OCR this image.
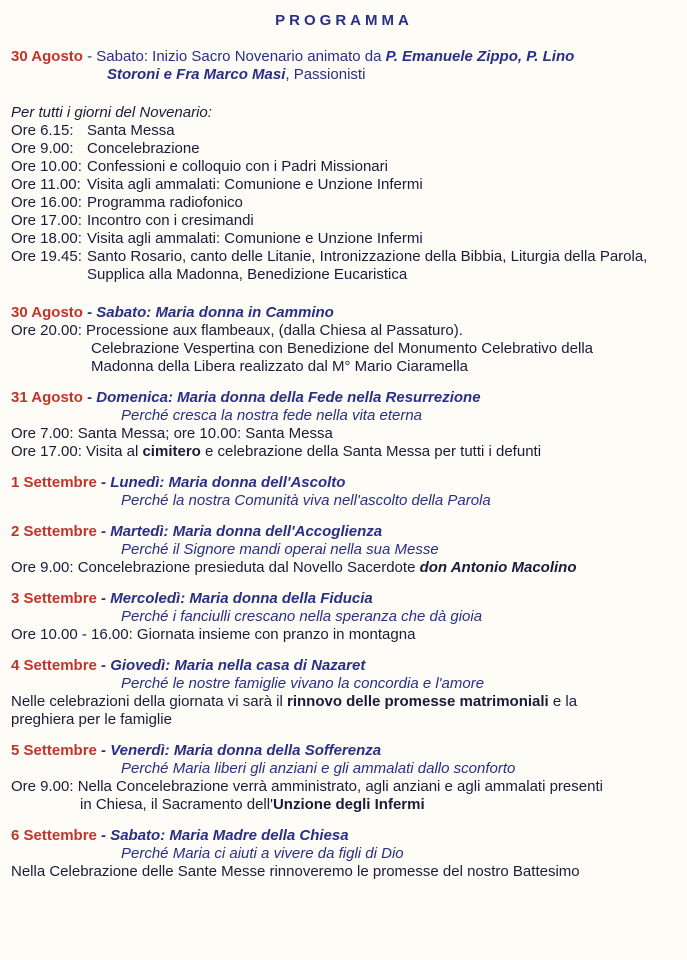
PROGRAMMA
30 Agosto - Sabato: Inizio Sacro Novenario animato da P. Emanuele Zippo, P. Lino
Storoni e Fra Marco Masi, Passionisti
Per tutti i giorni del Novenario:
Ore 6.15: Santa Messa
Ore 9.00: Concelebrazione
Ore 10.00: Confessioni e colloquio con i Padri Missionari
Ore 11.00: Visita agli ammalati: Comunione e Unzione Infermi
Ore 16.00: Programma radiofonico
Ore 17.00: Incontro con i cresimandi
Ore 18.00: Visita agli ammalati: Comunione e Unzione Infermi
Ore 19.45: Santo Rosario, canto delle Litanie, Intronizzazione della Bibbia, Liturgia della Parola, Supplica alla Madonna, Benedizione Eucaristica
30 Agosto - Sabato: Maria donna in Cammino
Ore 20.00: Processione aux flambeaux, (dalla Chiesa al Passaturo).
Celebrazione Vespertina con Benedizione del Monumento Celebrativo della
Madonna della Libera realizzato dal M° Mario Ciaramella
31 Agosto - Domenica: Maria donna della Fede nella Resurrezione
Perché cresca la nostra fede nella vita eterna
Ore 7.00: Santa Messa; ore 10.00: Santa Messa
Ore 17.00: Visita al cimitero e celebrazione della Santa Messa per tutti i defunti
1 Settembre - Lunedì: Maria donna dell'Ascolto
Perché la nostra Comunità viva nell'ascolto della Parola
2 Settembre - Martedì: Maria donna dell'Accoglienza
Perché il Signore mandi operai nella sua Messe
Ore 9.00: Concelebrazione presieduta dal Novello Sacerdote don Antonio Macolino
3 Settembre - Mercoledì: Maria donna della Fiducia
Perché i fanciulli crescano nella speranza che dà gioia
Ore 10.00 - 16.00: Giornata insieme con pranzo in montagna
4 Settembre - Giovedì: Maria nella casa di Nazaret
Perché le nostre famiglie vivano la concordia e l'amore
Nelle celebrazioni della giornata vi sarà il rinnovo delle promesse matrimoniali e la
preghiera per le famiglie
5 Settembre - Venerdì: Maria donna della Sofferenza
Perché Maria liberi gli anziani e gli ammalati dallo sconforto
Ore 9.00: Nella Concelebrazione verrà amministrato, agli anziani e agli ammalati presenti
in Chiesa, il Sacramento dell'Unzione degli Infermi
6 Settembre - Sabato: Maria Madre della Chiesa
Perché Maria ci aiuti a vivere da figli di Dio
Nella Celebrazione delle Sante Messe rinnoveremo le promesse del nostro Battesimo
